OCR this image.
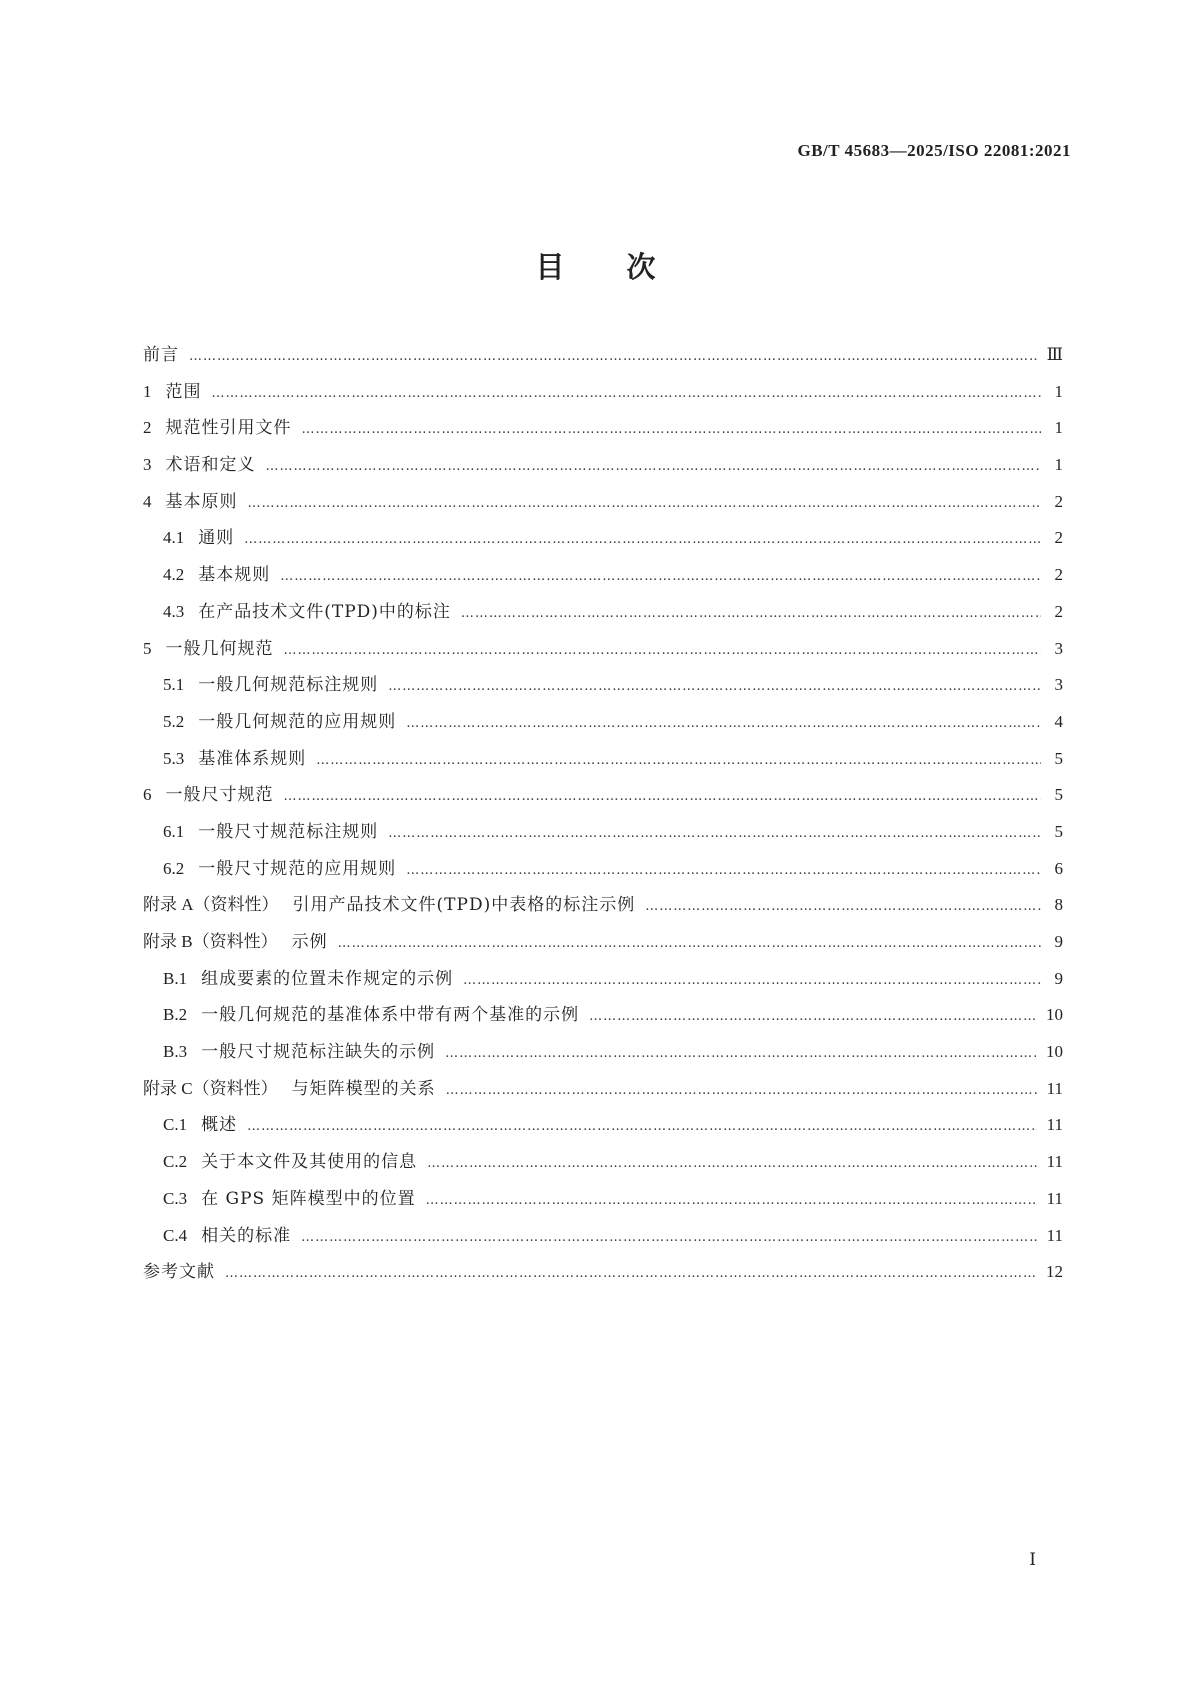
GB/T 45683—2025/ISO 22081:2021
目次
前言 …………………………………………………………………………………………………………………………………………………………………………………………………………………………………………………………	Ⅲ
1 范围 …………………………………………………………………………………………………………………………………………………………………………………………………………………………………………………………	1
2 规范性引用文件 …………………………………………………………………………………………………………………………………………………………………………………………………………………………………………………………	1
3 术语和定义 …………………………………………………………………………………………………………………………………………………………………………………………………………………………………………………………	1
4 基本原则 …………………………………………………………………………………………………………………………………………………………………………………………………………………………………………………………	2
4.1 通则 …………………………………………………………………………………………………………………………………………………………………………………………………………………………………………………………	2
4.2 基本规则 …………………………………………………………………………………………………………………………………………………………………………………………………………………………………………………………	2
4.3 在产品技术文件(TPD)中的标注 …………………………………………………………………………………………………………………………………………………………………………………………………………………………………………………………	2
5 一般几何规范 …………………………………………………………………………………………………………………………………………………………………………………………………………………………………………………………	3
5.1 一般几何规范标注规则 …………………………………………………………………………………………………………………………………………………………………………………………………………………………………………………………	3
5.2 一般几何规范的应用规则 …………………………………………………………………………………………………………………………………………………………………………………………………………………………………………………………	4
5.3 基准体系规则 …………………………………………………………………………………………………………………………………………………………………………………………………………………………………………………………	5
6 一般尺寸规范 …………………………………………………………………………………………………………………………………………………………………………………………………………………………………………………………	5
6.1 一般尺寸规范标注规则 …………………………………………………………………………………………………………………………………………………………………………………………………………………………………………………………	5
6.2 一般尺寸规范的应用规则 …………………………………………………………………………………………………………………………………………………………………………………………………………………………………………………………	6
附录 A（资料性） 引用产品技术文件(TPD)中表格的标注示例 …………………………………………………………………………………………………………………………………………………………………………………………………………………………………………………………	8
附录 B（资料性） 示例 …………………………………………………………………………………………………………………………………………………………………………………………………………………………………………………………	9
B.1 组成要素的位置未作规定的示例 …………………………………………………………………………………………………………………………………………………………………………………………………………………………………………………………	9
B.2 一般几何规范的基准体系中带有两个基准的示例 …………………………………………………………………………………………………………………………………………………………………………………………………………………………………………………………	10
B.3 一般尺寸规范标注缺失的示例 …………………………………………………………………………………………………………………………………………………………………………………………………………………………………………………………	10
附录 C（资料性） 与矩阵模型的关系 …………………………………………………………………………………………………………………………………………………………………………………………………………………………………………………………	11
C.1 概述 …………………………………………………………………………………………………………………………………………………………………………………………………………………………………………………………	11
C.2 关于本文件及其使用的信息 …………………………………………………………………………………………………………………………………………………………………………………………………………………………………………………………	11
C.3 在 GPS 矩阵模型中的位置 …………………………………………………………………………………………………………………………………………………………………………………………………………………………………………………………	11
C.4 相关的标准 …………………………………………………………………………………………………………………………………………………………………………………………………………………………………………………………	11
参考文献 …………………………………………………………………………………………………………………………………………………………………………………………………………………………………………………………	12
Ⅰ
